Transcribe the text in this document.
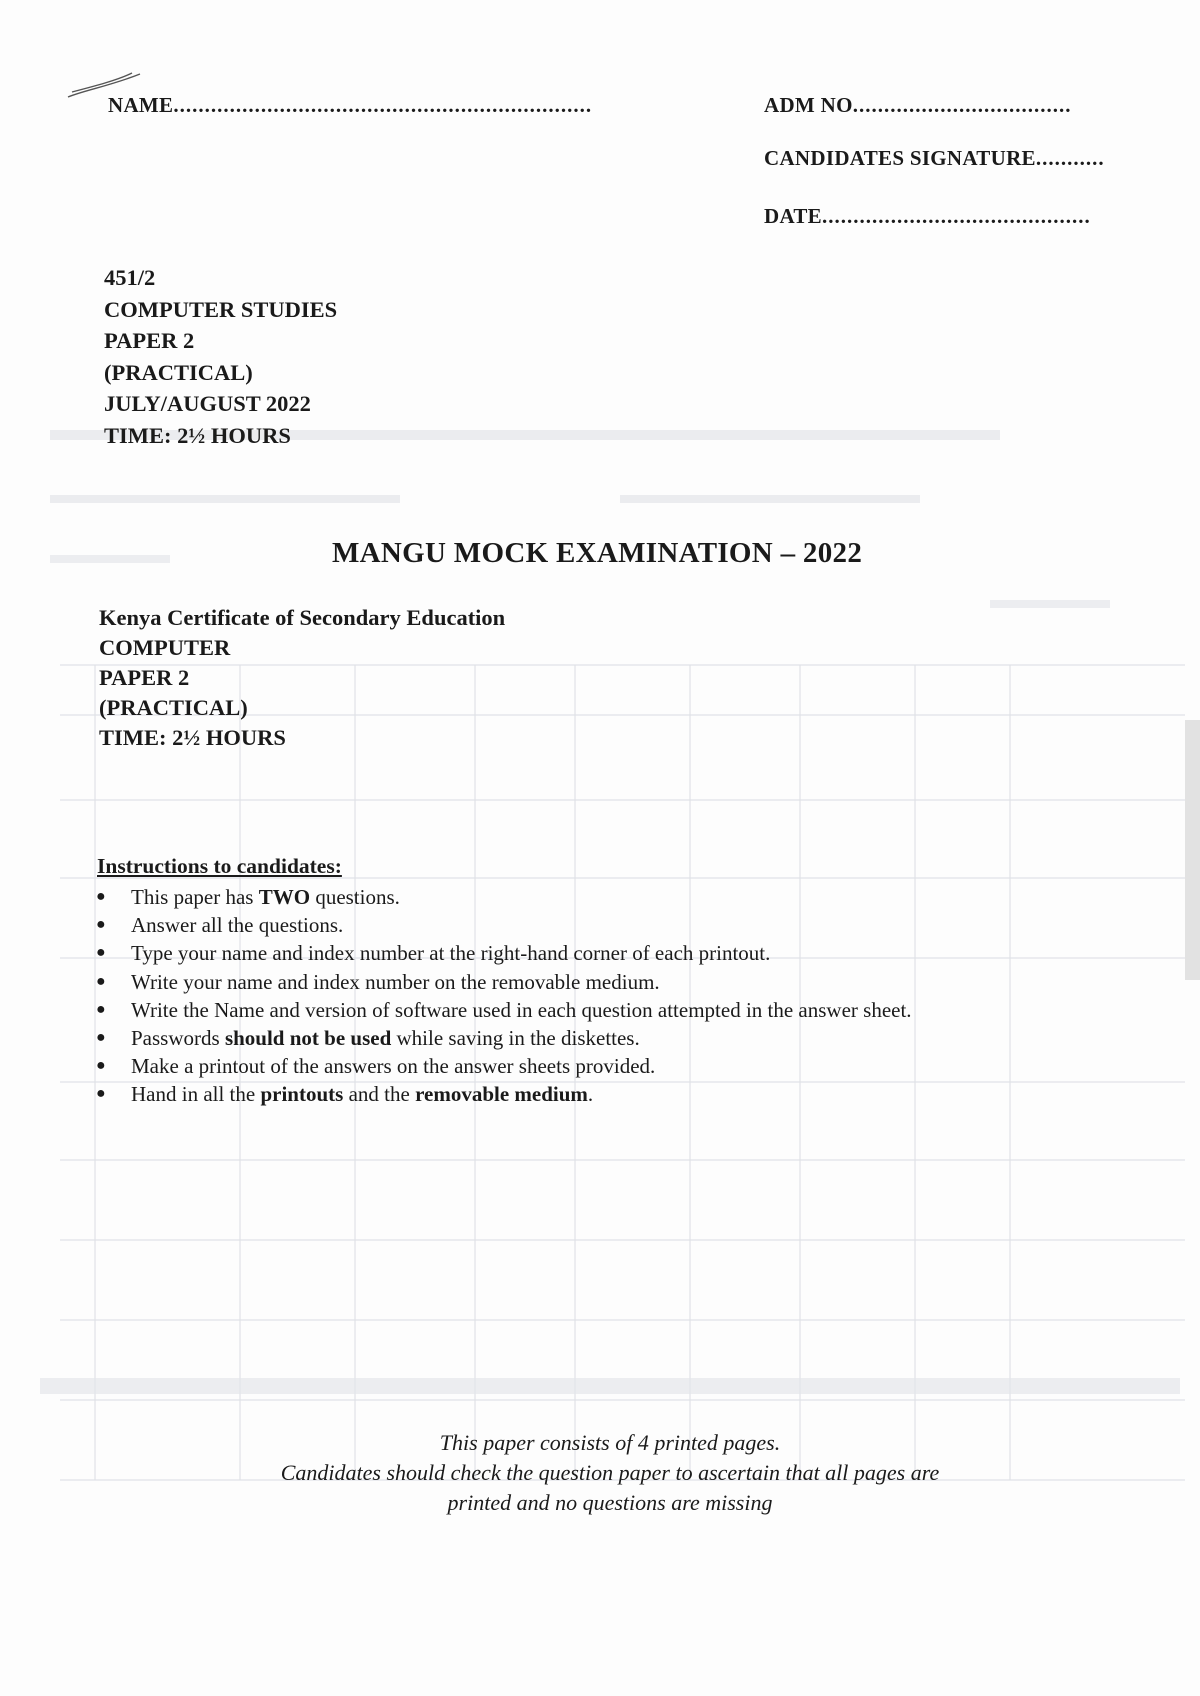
NAME...................................................................	ADM NO...................................
CANDIDATES SIGNATURE...........
DATE...........................................
451/2
COMPUTER STUDIES
PAPER 2
(PRACTICAL)
JULY/AUGUST 2022
TIME: 2½ HOURS
MANGU MOCK EXAMINATION – 2022
Kenya Certificate of Secondary Education
COMPUTER
PAPER 2
(PRACTICAL)
TIME: 2½ HOURS
Instructions to candidates:
● This paper has TWO questions.
● Answer all the questions.
● Type your name and index number at the right-hand corner of each printout.
● Write your name and index number on the removable medium.
● Write the Name and version of software used in each question attempted in the answer sheet.
● Passwords should not be used while saving in the diskettes.
● Make a printout of the answers on the answer sheets provided.
● Hand in all the printouts and the removable medium.
This paper consists of 4 printed pages.
Candidates should check the question paper to ascertain that all pages are
printed and no questions are missing
